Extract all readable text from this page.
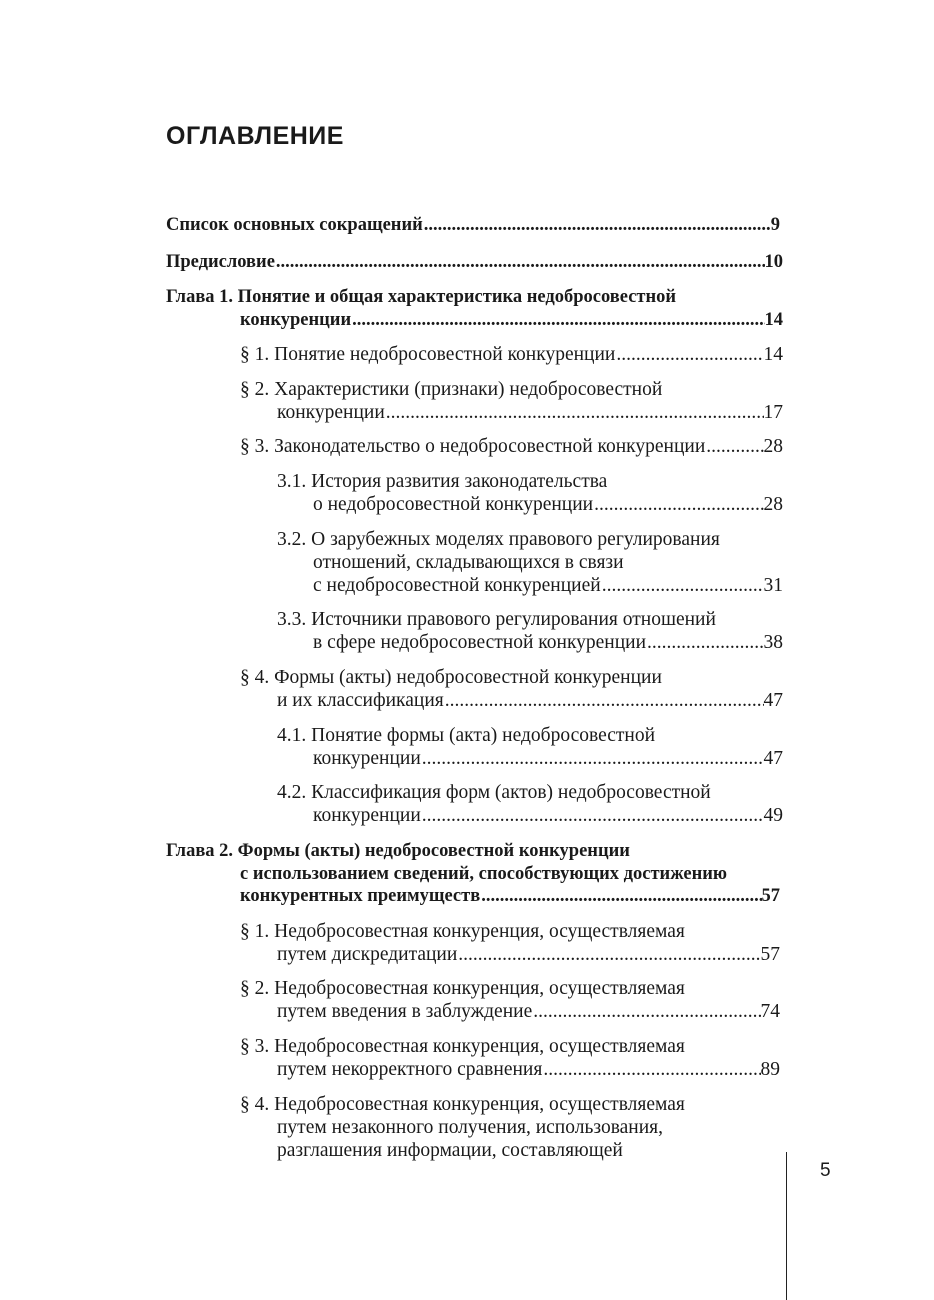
ОГЛАВЛЕНИЕ
Список основных сокращений .....	9
Предисловие .....	10
Глава 1. Понятие и общая характеристика недобросовестной
конкуренции .....	14
§ 1. Понятие недобросовестной конкуренции .....	14
§ 2. Характеристики (признаки) недобросовестной
конкуренции .....	17
§ 3. Законодательство о недобросовестной конкуренции .....	28
3.1. История развития законодательства
о недобросовестной конкуренции .....	28
3.2. О зарубежных моделях правового регулирования
отношений, складывающихся в связи
с недобросовестной конкуренцией .....	31
3.3. Источники правового регулирования отношений
в сфере недобросовестной конкуренции .....	38
§ 4. Формы (акты) недобросовестной конкуренции
и их классификация .....	47
4.1. Понятие формы (акта) недобросовестной
конкуренции .....	47
4.2. Классификация форм (актов) недобросовестной
конкуренции .....	49
Глава 2. Формы (акты) недобросовестной конкуренции
с использованием сведений, способствующих достижению
конкурентных преимуществ .....	57
§ 1. Недобросовестная конкуренция, осуществляемая
путем дискредитации .....	57
§ 2. Недобросовестная конкуренция, осуществляемая
путем введения в заблуждение .....	74
§ 3. Недобросовестная конкуренция, осуществляемая
путем некорректного сравнения .....	89
§ 4. Недобросовестная конкуренция, осуществляемая
путем незаконного получения, использования,
разглашения информации, составляющей
5
